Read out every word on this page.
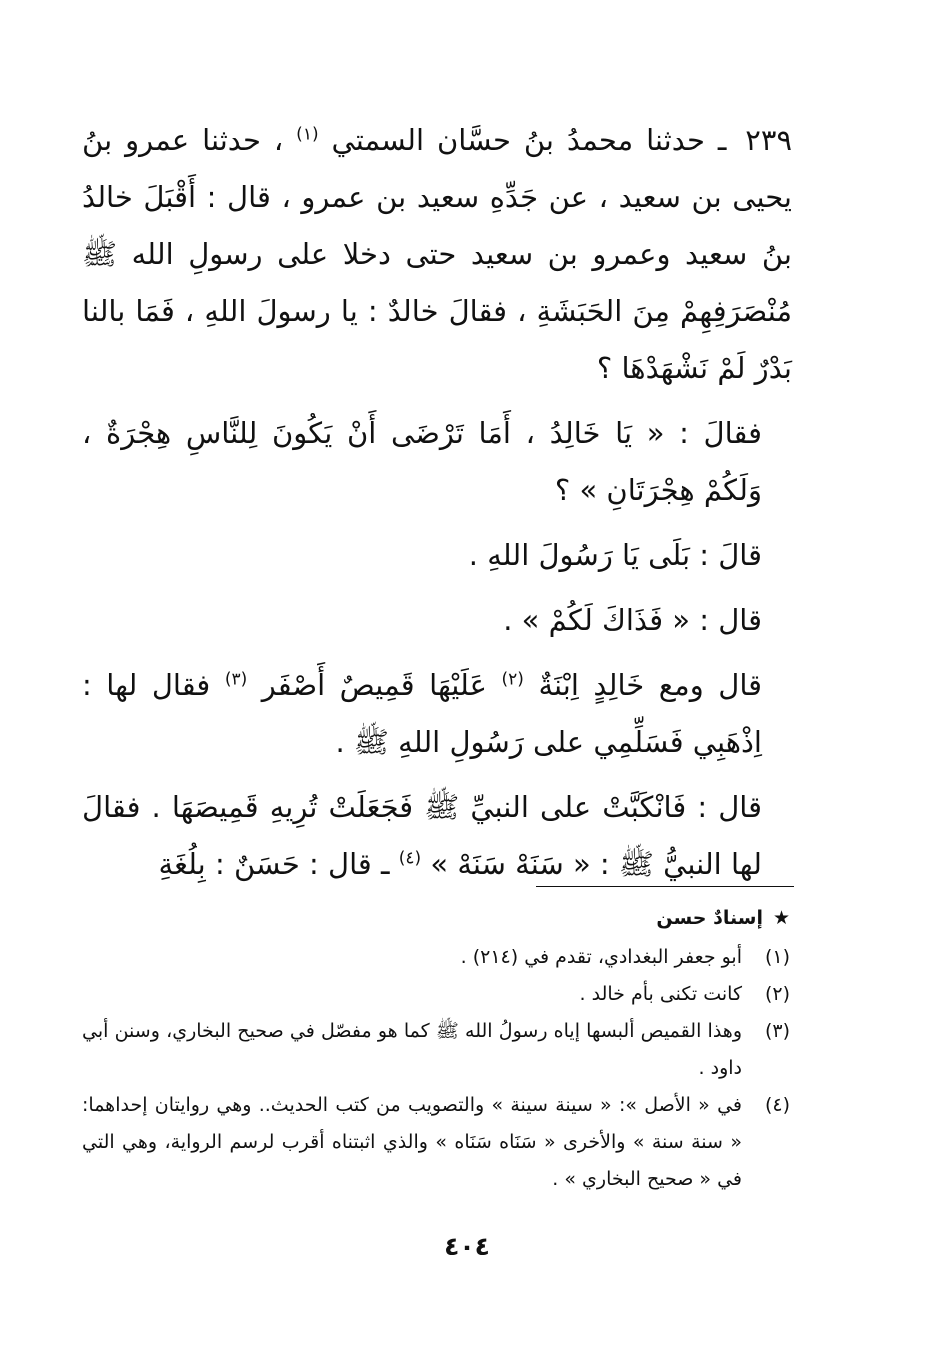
٢٣٩ ـ حدثنا محمدُ بنُ حسَّان السمتي $^{(١)}$ ، حدثنا عمرو بنُ يحيى بن سعيد ، عن جَدِّهِ سعيد بن عمرو ، قال : أَقْبَلَ خالدُ بنُ سعيد وعمرو بن سعيد حتى دخلا على رسولِ الله ﷺ مُنْصَرَفِهِمْ مِنَ الحَبَشَةِ ، فقالَ خالدٌ : يا رسولَ اللهِ ، فَمَا بالنا بَدْرٌ لَمْ نَشْهَدْهَا ؟

فقالَ : « يَا خَالِدُ ، أَمَا تَرْضَى أَنْ يَكُونَ لِلنَّاسِ هِجْرَةٌ ، وَلَكُمْ هِجْرَتَانِ » ؟

قالَ : بَلَى يَا رَسُولَ اللهِ .

قال : « فَذَاكَ لَكُمْ » .

قال ومع خَالِدٍ اِبْنَةٌ $^{(٢)}$ عَلَيْهَا قَمِيصٌ أَصْفَر $^{(٣)}$ فقال لها : اِذْهَبِي فَسَلِّمِي على رَسُولِ اللهِ ﷺ .

قال : فَانْكَبَّتْ على النبيِّ ﷺ فَجَعَلَتْ تُرِيهِ قَمِيصَهَا . فقالَ لها النبيُّ ﷺ : « سَنَهْ سَنَهْ » $^{(٤)}$ ـ قال : حَسَنٌ : بِلُغَةِ

★
إسنادٌ حسن
(١)
أبو جعفر البغدادي، تقدم في (٢١٤) .
(٢)
كانت تكنى بأم خالد .
(٣)
وهذا القميص ألبسها إياه رسولُ الله ﷺ كما هو مفصّل في صحيح البخاري، وسنن أبي داود .
(٤)
في « الأصل »: « سينة سينة » والتصويب من كتب الحديث.. وهي روايتان إحداهما: « سنة سنة » والأخرى « سَنَاه سَنَاه » والذي اثبتناه أقرب لرسم الرواية، وهي التي في « صحيح البخاري » .
٤٠٤
